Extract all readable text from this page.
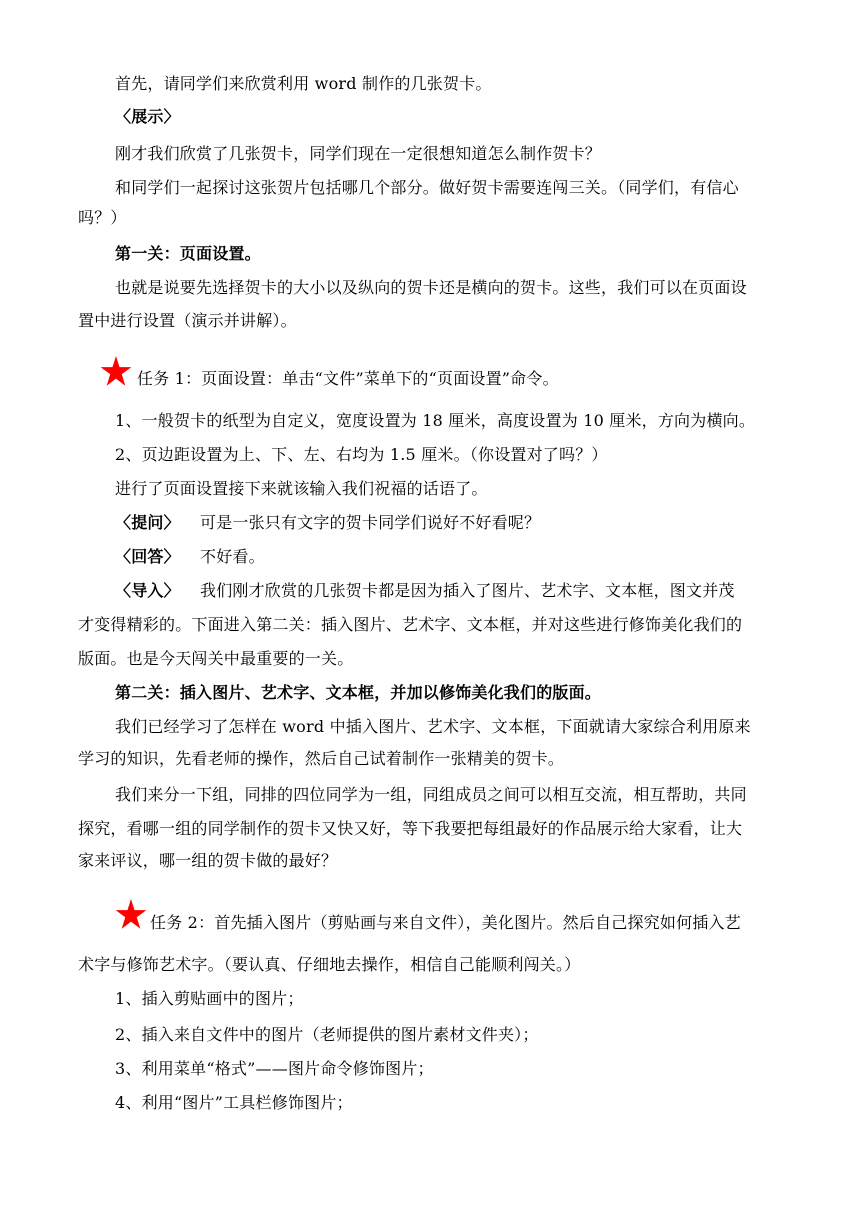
首先，请同学们来欣赏利用 word 制作的几张贺卡。
〈展示〉
刚才我们欣赏了几张贺卡，同学们现在一定很想知道怎么制作贺卡？
和同学们一起探讨这张贺片包括哪几个部分。做好贺卡需要连闯三关。（同学们，有信心
吗？）
第一关：页面设置。
也就是说要先选择贺卡的大小以及纵向的贺卡还是横向的贺卡。这些，我们可以在页面设
置中进行设置（演示并讲解）。
任务 1：页面设置：单击“文件”菜单下的“页面设置”命令。
1、一般贺卡的纸型为自定义，宽度设置为 18 厘米，高度设置为 10 厘米，方向为横向。
2、页边距设置为上、下、左、右均为 1.5 厘米。（你设置对了吗？）
进行了页面设置接下来就该输入我们祝福的话语了。
〈提问〉 可是一张只有文字的贺卡同学们说好不好看呢？
〈回答〉 不好看。
〈导入〉 我们刚才欣赏的几张贺卡都是因为插入了图片、艺术字、文本框，图文并茂
才变得精彩的。下面进入第二关：插入图片、艺术字、文本框，并对这些进行修饰美化我们的
版面。也是今天闯关中最重要的一关。
第二关：插入图片、艺术字、文本框，并加以修饰美化我们的版面。
我们已经学习了怎样在 word 中插入图片、艺术字、文本框，下面就请大家综合利用原来
学习的知识，先看老师的操作，然后自己试着制作一张精美的贺卡。
我们来分一下组，同排的四位同学为一组，同组成员之间可以相互交流，相互帮助，共同
探究，看哪一组的同学制作的贺卡又快又好，等下我要把每组最好的作品展示给大家看，让大
家来评议，哪一组的贺卡做的最好？
任务 2：首先插入图片（剪贴画与来自文件），美化图片。然后自己探究如何插入艺
术字与修饰艺术字。（要认真、仔细地去操作，相信自己能顺利闯关。）
1、插入剪贴画中的图片；
2、插入来自文件中的图片（老师提供的图片素材文件夹）；
3、利用菜单“格式”——图片命令修饰图片；
4、利用“图片”工具栏修饰图片；
